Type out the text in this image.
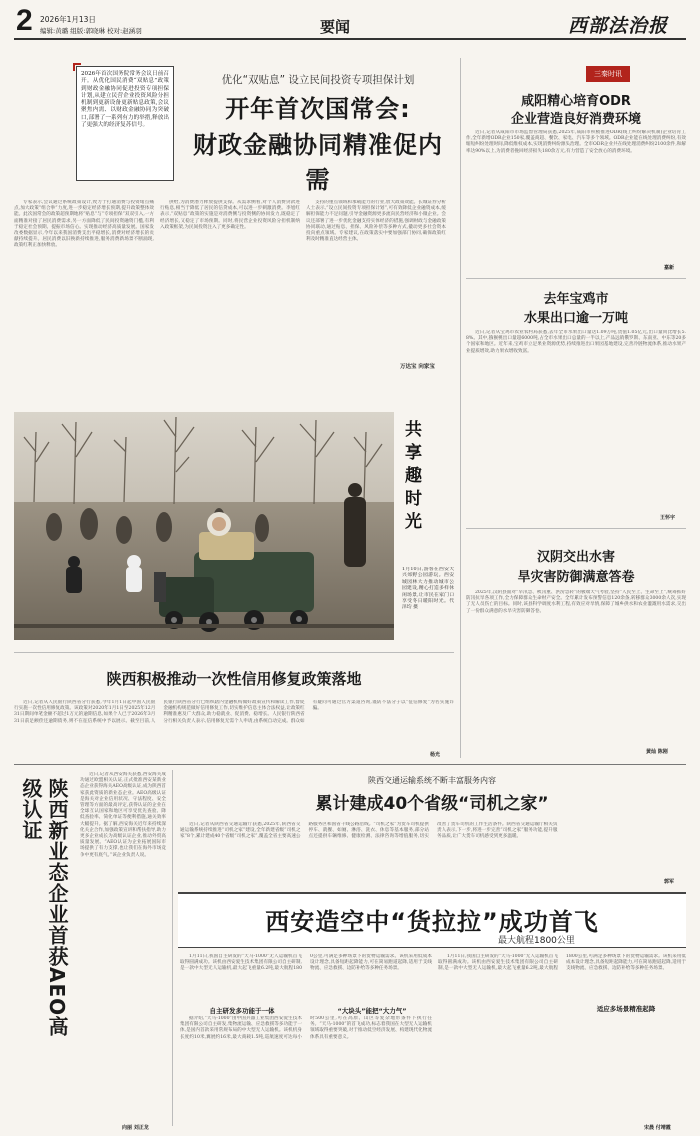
2 2026年1月13日
编辑:黄璐 组版:郭晓琳 校对:赵涵羽	要闻	西部法治报
2026年首次国务院常务会议日前召开。从优化国民消费“双贴息”政策到财政金融协同促进投资专项担保计划,从建立民营企业投资风险分担机制到更新设备更新贴息政策,会议聚焦内需、以财政金融协同为突破口,部署了一系列有力的举措,释放出了更强大的经济复苏信号。
优化“双贴息” 设立民间投资专项担保计划
开年首次国常会:
财政金融协同精准促内需

专家表示,会议通过系统政策设计,致力于打通消费与投资堵点痛点,加大政策“组合拳”力度,进一步稳定经济增长预期,提升政策整体效能。此次国常会的政策超预期地将“贴息”与“专项担保”双双引入,一方面精准对接了居民消费需求,另一方面降低了民间投资融资门槛,有利于稳定社会预期、提振市场信心。实现推动经济高质量发展。国家发改委数据显示,今年以来我国消费支出平稳增长,消费对经济增长的贡献持续提升。居民消费以旧换新持续推进,服务消费新场景不断涌现,政策红利正加快释放。

供给,为消费潜力释放提供支撑。从需求侧看,对个人消费贷款进行贴息,相当于降低了居民的信贷成本,可以进一步刺激消费。李旭红表示,“双贴息”政策的实施是对消费侧与投资侧的协同发力,既稳定了经济增长,又稳定了市场预期。同时,将民营企业投资风险分担机制纳入政策框架,为民间投资注入了更多确定性。

支持的重点领域和承载能力的行业,放大政策效能。长城证券分析人士表示,“设立民间投资专项担保计划”,可有效降低企业融资成本,缓解担保能力不足问题,引导金融资源更多流向民营经济和小微企业。会议还部署了进一步优化金融支持实体经济的措施,强调财政与金融政策协同联动,通过贴息、担保、风险补偿等多种方式,撬动更多社会资本投向重点领域。专家建议,在政策落实中要加强部门协同,确保政策红利及时精准直达经营主体。

万达宝 向家宝
共享趣时光
1月10日,游客在西安大兴郊野公园游玩。西安城园林大力推动城市公园建设,精心打造多样休闲场景,让市民在家门口享受冬日暖阳时光。代泽均 摄
三秦时讯
咸阳精心培育ODR
企业营造良好消费环境

近日,记者从咸阳市市场监督管理局获悉,2025年,咸阳市积极推进ODR(线上纠纷解决机制)企业培育工作,全年新增ODR企业150家,覆盖商超、餐饮、家电、汽车等多个领域。ODR企业能在线处理消费纠纷,有效缩短纠纷处理时间,降低维权成本,实现消费纠纷源头治理。全市ODR企业共在线处理消费纠纷2100余件,和解率达90%以上,为消费者挽回经济损失180余万元,有力营造了安全放心的消费环境。

嘉新
去年宝鸡市
水果出口逾一万吨

近日,记者从宝鸡市农业农村局获悉,去年全市水果出口量达1.09万吨,货值1.05亿元,出口量同比增长5.8%。其中,猕猴桃出口量超6000吨,占全市水果出口总量的一半以上,产品远销俄罗斯、东南亚、中东等20多个国家和地区。近年来,宝鸡市立足果业资源优势,持续推进出口果园基地建设,完善冷链物流体系,推动水果产业提质增效,助力果农增收致富。

王怀宇
汉阴交出水害
旱灾害防御满意答卷

2025年,汉阴县面对“早汛急、秋汛重、洪涝急转”的极端天气考验,坚持“人民至上、生命至上”,统筹抓好防汛抗旱各项工作,全力保障群众生命财产安全。全年累计发布预警信息120余条,转移群众3000余人次,实现了无人员伤亡的目标。同时,该县科学调度水利工程,有效应对旱情,保障了城乡供水和农业灌溉用水需求,交出了一份群众满意的水旱灾害防御答卷。

黄灿 陈刚
陕西积极推动一次性信用修复政策落地

近日,记者从人民银行陕西省分行获悉,今年1月1日起中国人民银行实施一次性信用修复政策。该政策对2020年1月1日至2025年12月31日期间单笔金额不超过1万元的逾期信息,如果个人已于2026年3月31日前足额偿还逾期债务,则不在征信系统中予以展示。截至目前,人民银行陕西省分行已组织辖内金融机构做好政策宣传和解读工作,督促金融机构规范做好信用修复工作,切实维护信息主体合法权益,让政策红利精准惠及广大群众,助力稳就业、促消费、稳增长。人民银行陕西省分行相关负责人表示,信用修复无需个人申请,由系统自动完成。群众如有疑问可通过官方渠道咨询,谨防不法分子以“征信修复”为名实施诈骗。

杨光
陕西新业态企业首获AEO高级认证

近日,记者从西安海关获悉,西安海关成功通过欧盟相关认证,正式批准西安某新业态企业获得海关AEO高级认证,成为陕西首家获此资质的新业态企业。AEO高级认证是海关对企业信用状况、守法程度、安全管理等方面的最高评定,获得认证的企业在全球互认国家和地区可享受优先查验、降低查验率、简化单证等便利措施,通关效率大幅提升。据了解,西安海关近年来持续深化关企合作,加强政策宣讲和帮扶指导,助力更多企业成长为高级认证企业,推动外贸高质量发展。“AEO认证为企业拓展国际市场提供了有力支撑,也让我们在海外市场竞争中更有底气。”该企业负责人说。

向丽 刘正龙
陕西交通运输系统不断丰富服务内容
累计建成40个省级“司机之家”

近日,记者从陕西省交通运输厅获悉,2025年,陕西省交通运输系统持续推进“司机之家”建设,全年新建省级“司机之家”8个,累计建成40个省级“司机之家”,覆盖全省主要高速公路服务区和国省干线公路沿线。“司机之家”为货车司机提供停车、就餐、如厕、淋浴、洗衣、休息等基本服务,部分站点还提供车辆维修、健康检测、法律咨询等增值服务,切实改善了货车司机的工作生活条件。陕西省交通运输厅相关负责人表示,下一步,将进一步完善“司机之家”服务功能,提升服务品质,让广大货车司机感受到更多温暖。

郭军
西安造空中“货拉拉”成功首飞
最大航程1800公里

1月11日,我国自主研发的“天马-1000”无人运输机首飞取得圆满成功。该机由西安爱生技术集团有限公司自主研制,是一款中大型无人运输机,最大起飞重量6.2吨,最大航程1800公里,可满足多种场景下的货物运输需求。该机采用低成本设计理念,具备短距起降能力,可在简易跑道起降,适用于支线物流、应急救援、边防补给等多种任务场景。

自主研发多功能于一体	“大块头”能把“大力气”	适应多场景精准起降

据介绍,“天马-1000”由中国兵器工业集团西安爱生技术集团有限公司自主研发,集物流运输、应急救援等多功能于一体,是国内首款采用常规布局的中大型无人运输机。该机机身长度约10米,翼展约16米,最大商载1.5吨,巡航速度可达每小时500公里,可在高原、山区等复杂地形条件下执行任务。“天马-1000”的首飞成功,标志着我国在大型无人运输机领域取得重要突破,对于推动低空经济发展、构建现代化物流体系具有重要意义。

1月11日,我国自主研发的“天马-1000”无人运输机首飞取得圆满成功。该机由西安爱生技术集团有限公司自主研制,是一款中大型无人运输机,最大起飞重量6.2吨,最大航程1800公里,可满足多种场景下的货物运输需求。该机采用低成本设计理念,具备短距起降能力,可在简易跑道起降,适用于支线物流、应急救援、边防补给等多种任务场景。

宋晨 付靖霞
